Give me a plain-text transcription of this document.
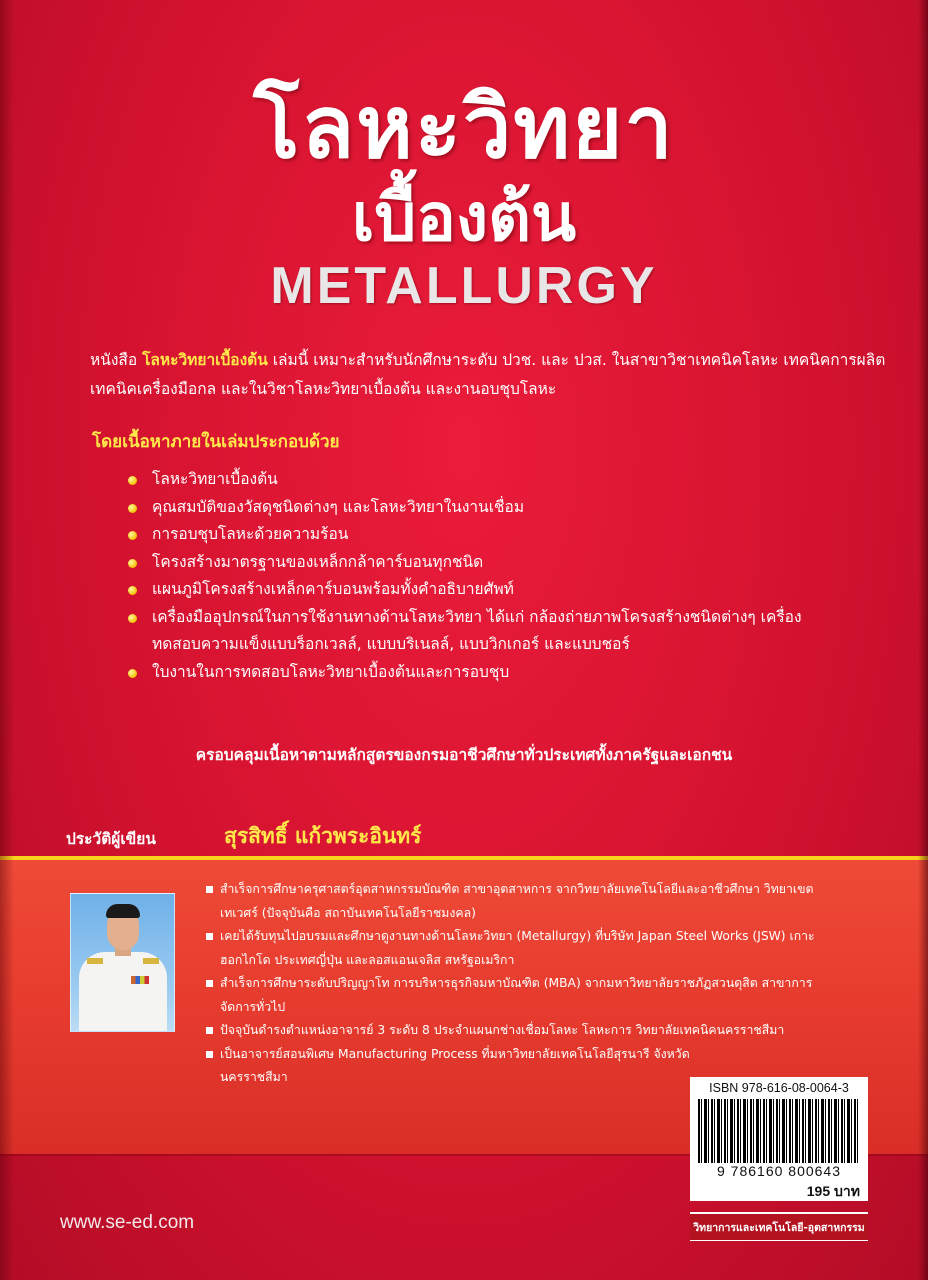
โลหะวิทยา
เบื้องต้น
METALLURGY

หนังสือ โลหะวิทยาเบื้องต้น เล่มนี้ เหมาะสำหรับนักศึกษาระดับ ปวช. และ ปวส. ในสาขาวิชาเทคนิคโลหะ เทคนิคการผลิต เทคนิคเครื่องมือกล และในวิชาโลหะวิทยาเบื้องต้น และงานอบชุบโลหะ

โดยเนื้อหาภายในเล่มประกอบด้วย

โลหะวิทยาเบื้องต้น
คุณสมบัติของวัสดุชนิดต่างๆ และโลหะวิทยาในงานเชื่อม
การอบชุบโลหะด้วยความร้อน
โครงสร้างมาตรฐานของเหล็กกล้าคาร์บอนทุกชนิด
แผนภูมิโครงสร้างเหล็กคาร์บอนพร้อมทั้งคำอธิบายศัพท์
เครื่องมืออุปกรณ์ในการใช้งานทางด้านโลหะวิทยา ได้แก่ กล้องถ่ายภาพโครงสร้างชนิดต่างๆ เครื่องทดสอบความแข็งแบบร็อกเวลล์, แบบบริเนลล์, แบบวิกเกอร์ และแบบชอร์
ใบงานในการทดสอบโลหะวิทยาเบื้องต้นและการอบชุบ

ครอบคลุมเนื้อหาตามหลักสูตรของกรมอาชีวศึกษาทั่วประเทศทั้งภาครัฐและเอกชน

ประวัติผู้เขียน	สุรสิทธิ์ แก้วพระอินทร์

สำเร็จการศึกษาครุศาสตร์อุตสาหกรรมบัณฑิต สาขาอุตสาหการ จากวิทยาลัยเทคโนโลยีและอาชีวศึกษา วิทยาเขตเทเวศร์ (ปัจจุบันคือ สถาบันเทคโนโลยีราชมงคล)
เคยได้รับทุนไปอบรมและศึกษาดูงานทางด้านโลหะวิทยา (Metallurgy) ที่บริษัท Japan Steel Works (JSW) เกาะฮอกไกโด ประเทศญี่ปุ่น และลอสแอนเจลิส สหรัฐอเมริกา
สำเร็จการศึกษาระดับปริญญาโท การบริหารธุรกิจมหาบัณฑิต (MBA) จากมหาวิทยาลัยราชภัฏสวนดุสิต สาขาการจัดการทั่วไป
ปัจจุบันดำรงตำแหน่งอาจารย์ 3 ระดับ 8 ประจำแผนกช่างเชื่อมโลหะ โลหะการ วิทยาลัยเทคนิคนครราชสีมา
เป็นอาจารย์สอนพิเศษ Manufacturing Process ที่มหาวิทยาลัยเทคโนโลยีสุรนารี จังหวัดนครราชสีมา
ISBN 978-616-08-0064-3
9 786160 800643
195 บาท
วิทยาการและเทคโนโลยี-อุตสาหกรรม

www.se-ed.com
